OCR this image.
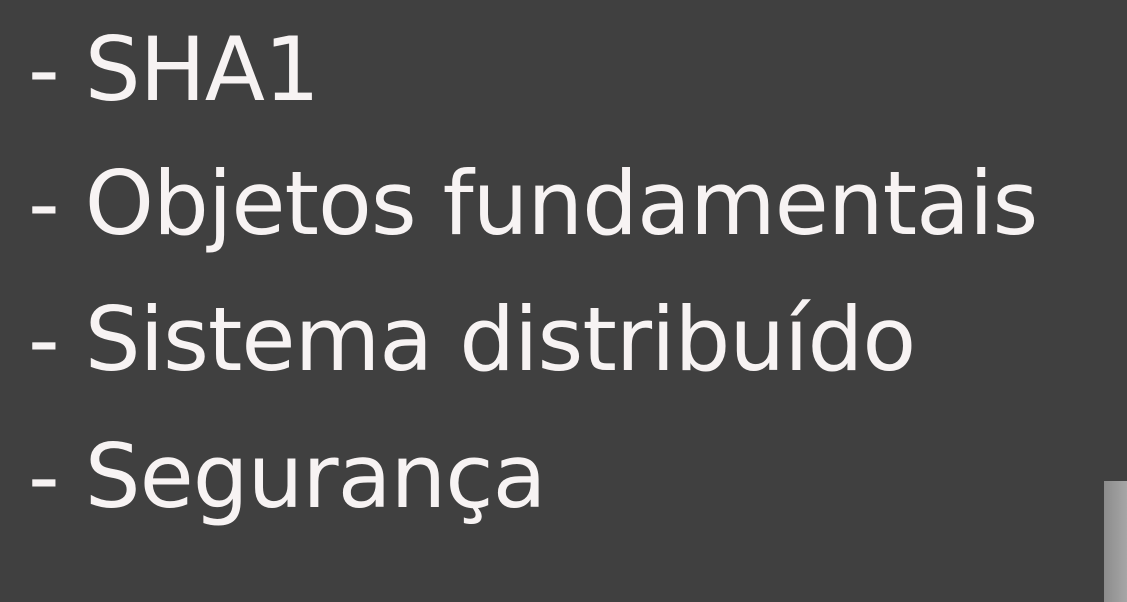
- SHA1
- Objetos fundamentais
- Sistema distribuído
- Segurança
